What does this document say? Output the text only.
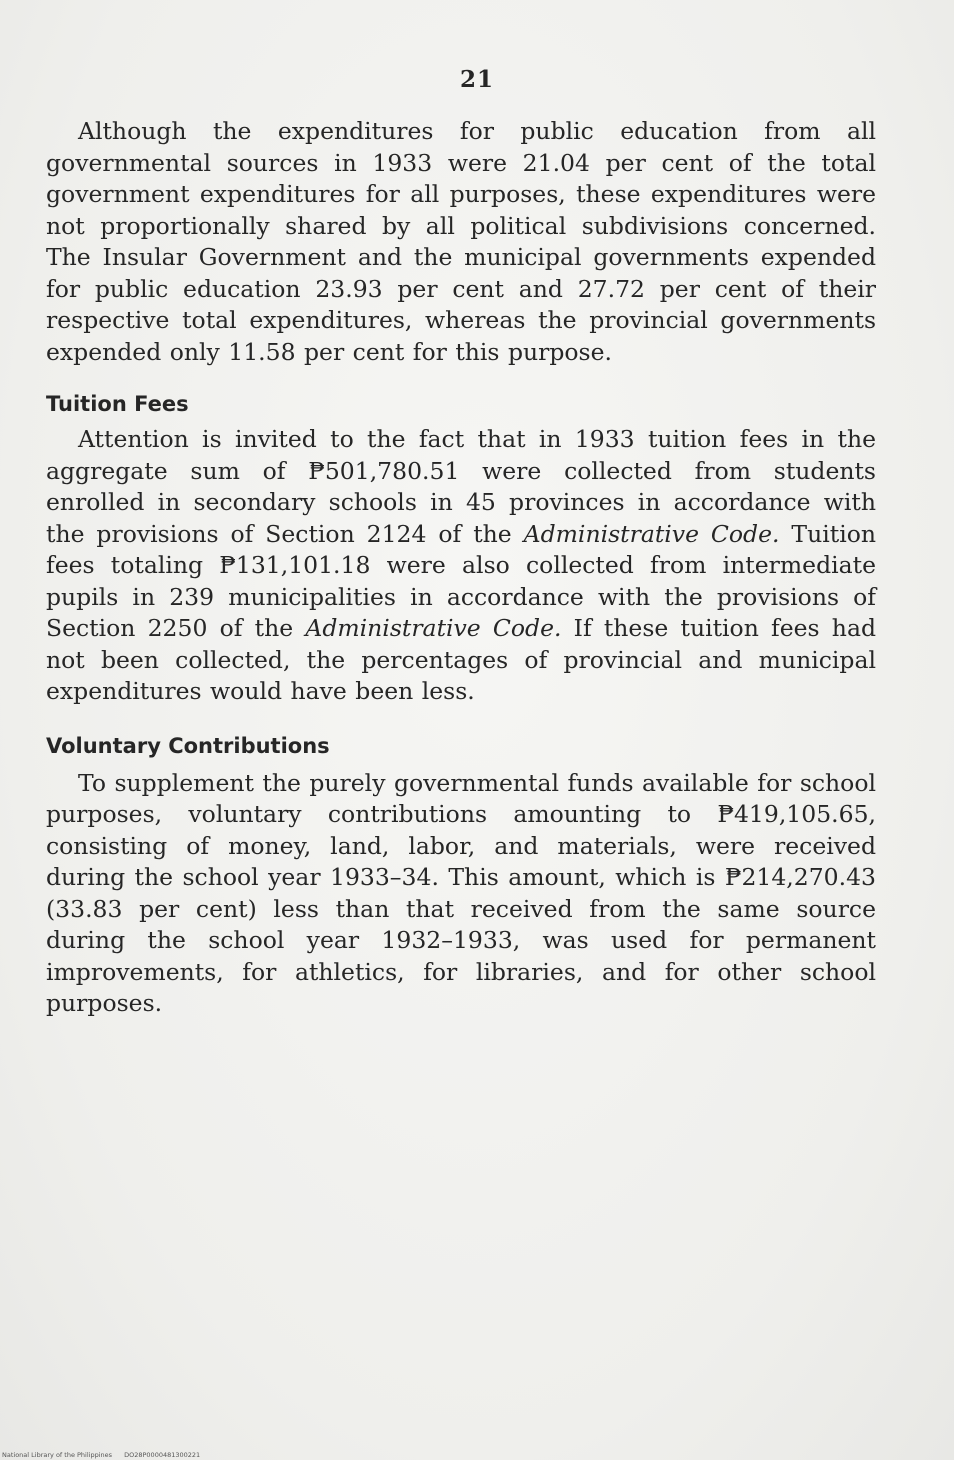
21

Although the expenditures for public education from all governmental sources in 1933 were 21.04 per cent of the total government expenditures for all purposes, these expenditures were not proportionally shared by all political subdivisions concerned. The Insular Government and the municipal governments expended for public education 23.93 per cent and 27.72 per cent of their respective total expenditures, whereas the provincial governments expended only 11.58 per cent for this purpose.

Tuition Fees

Attention is invited to the fact that in 1933 tuition fees in the aggregate sum of ₱501,780.51 were collected from students enrolled in secondary schools in 45 provinces in accordance with the provisions of Section 2124 of the Administrative Code. Tuition fees totaling ₱131,101.18 were also collected from intermediate pupils in 239 municipalities in accordance with the provisions of Section 2250 of the Administrative Code. If these tuition fees had not been collected, the percentages of provincial and municipal expenditures would have been less.

Voluntary Contributions

To supplement the purely governmental funds available for school purposes, voluntary contributions amounting to ₱419,105.65, consisting of money, land, labor, and materials, were received during the school year 1933–34. This amount, which is ₱214,270.43 (33.83 per cent) less than that received from the same source during the school year 1932–1933, was used for permanent improvements, for athletics, for libraries, and for other school purposes.

National Library of the Philippines DO28P0000481300221
